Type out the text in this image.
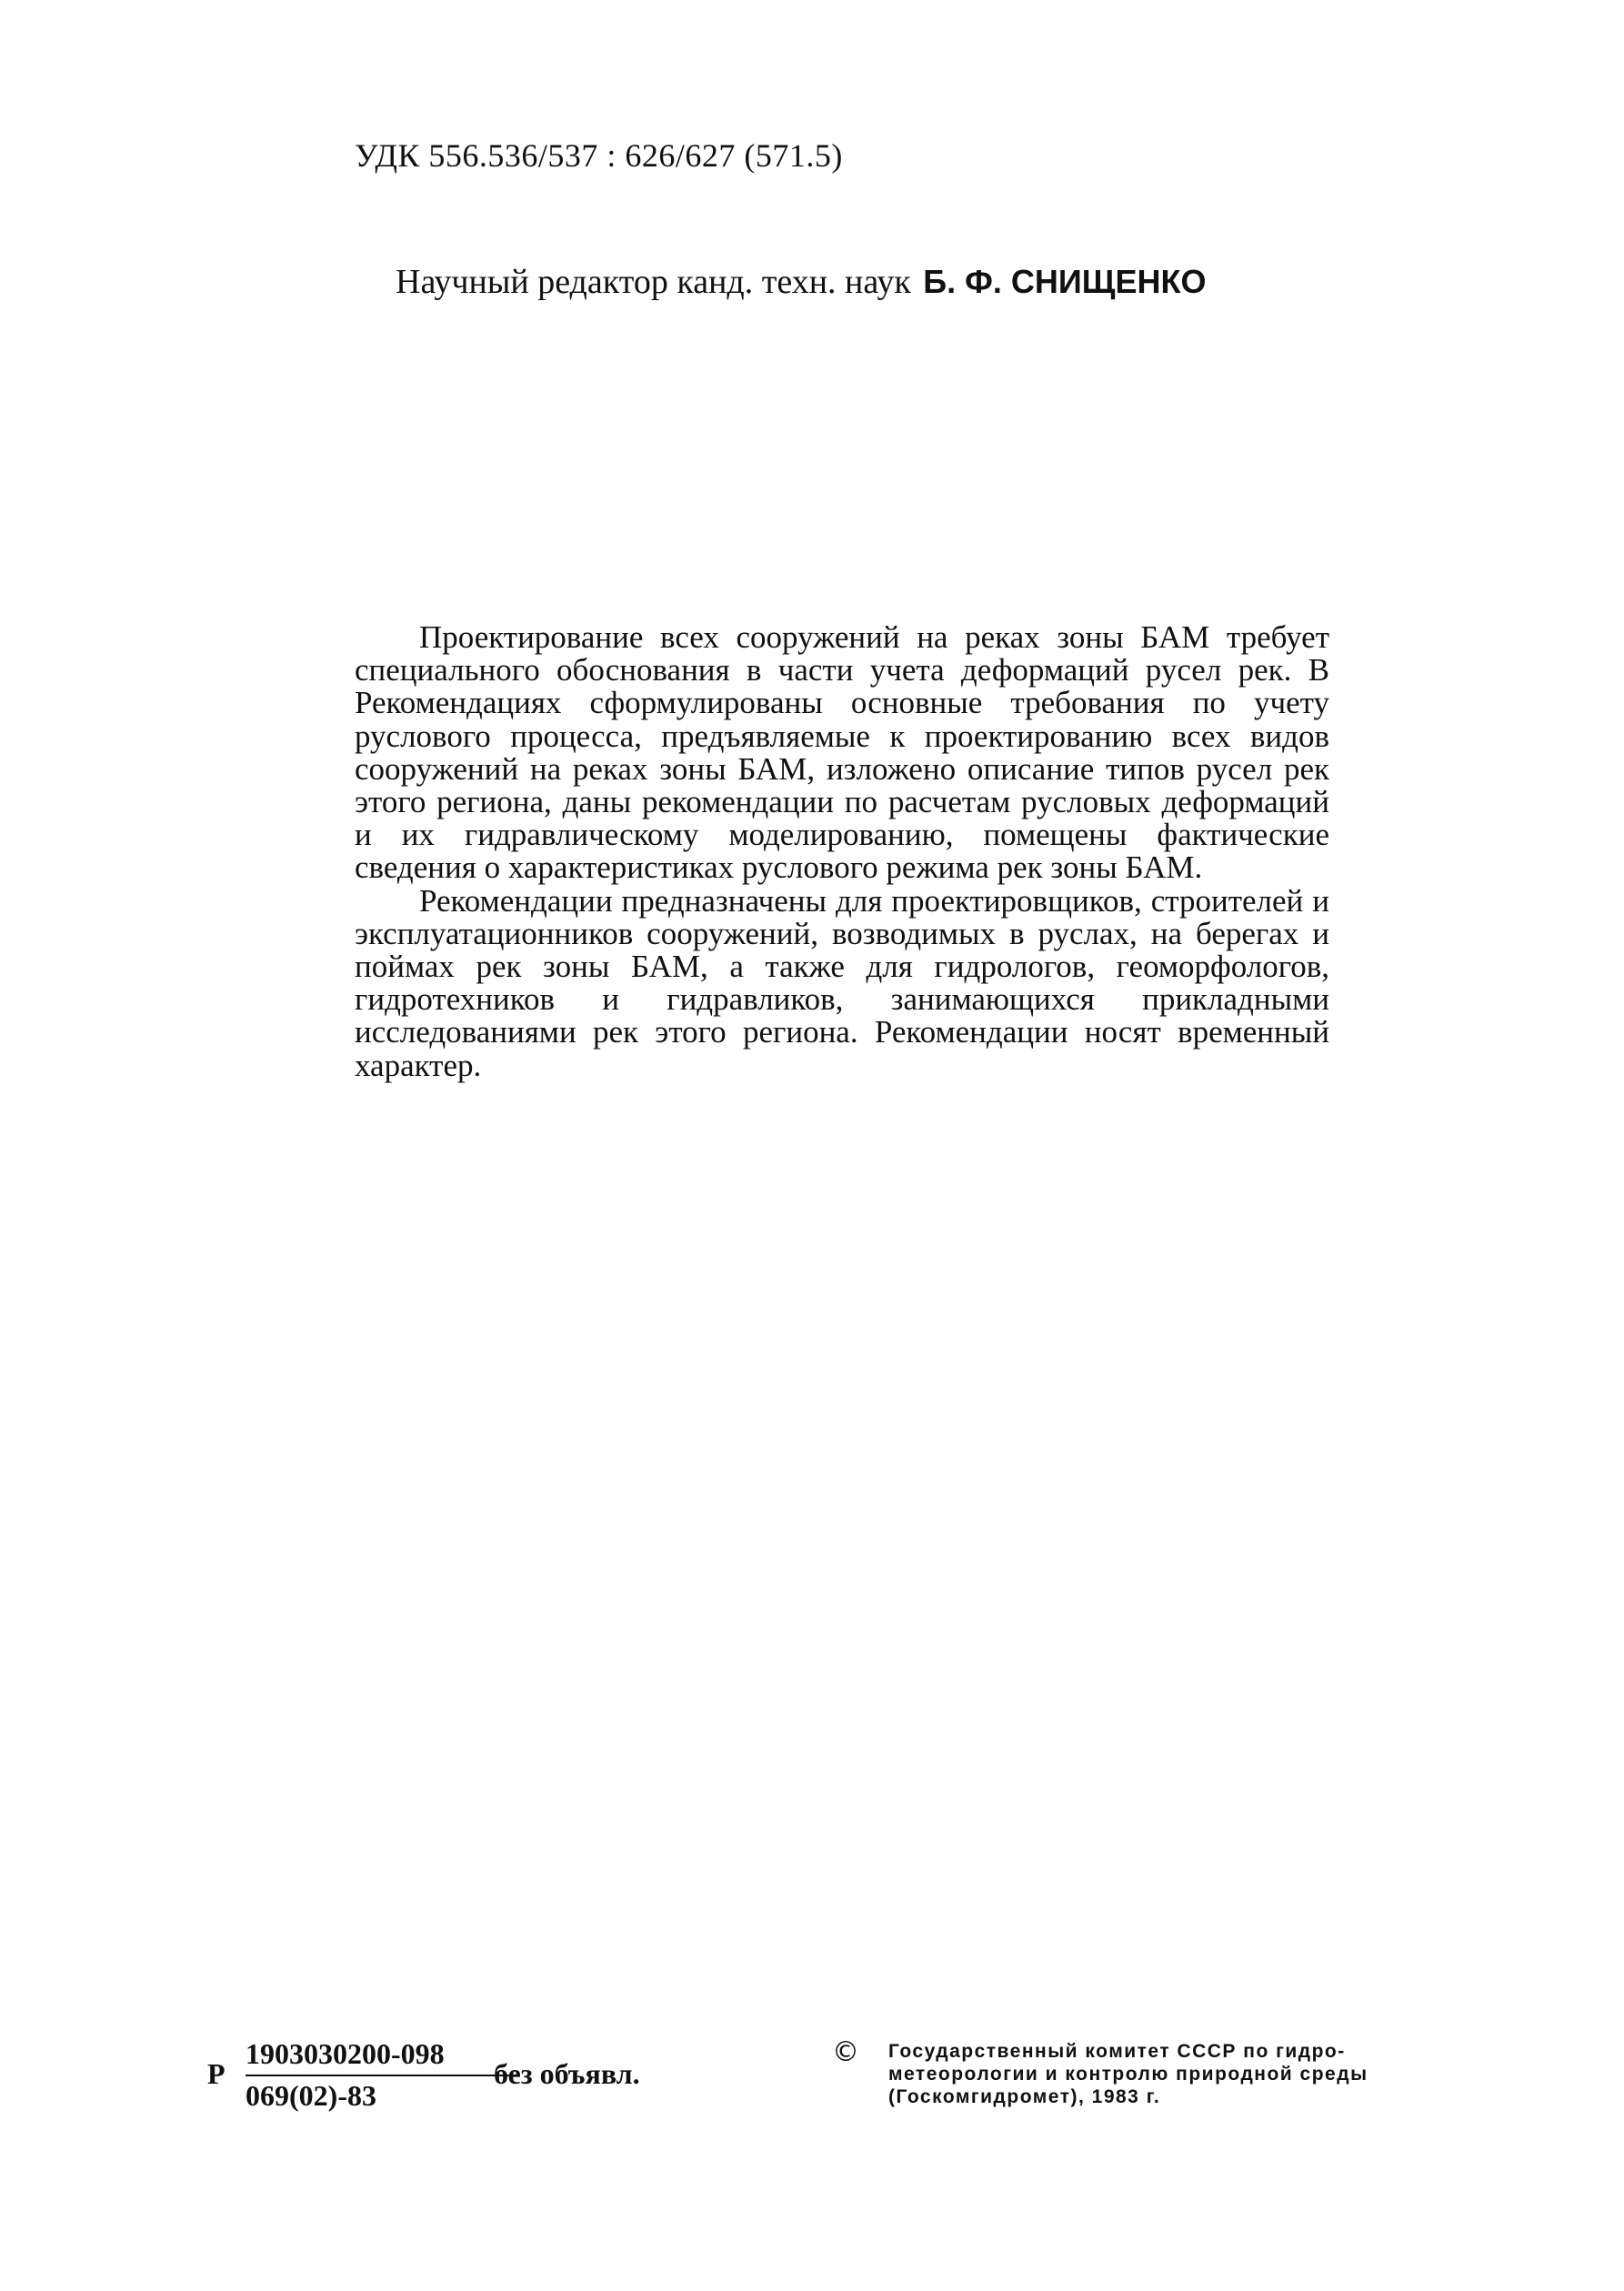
УДК 556.536/537 : 626/627 (571.5)
Научный редактор канд. техн. наук Б. Ф. СНИЩЕНКО

Проектирование всех сооружений на реках зоны БАМ требует специального обоснования в части учета деформаций русел рек. В Рекомендациях сформулированы основные требования по учету руслового процесса, предъявляемые к проектированию всех видов сооружений на реках зоны БАМ, изложено описание типов русел рек этого региона, даны рекомендации по расчетам русловых деформаций и их гидравлическому моделированию, помещены фактические сведения о характеристиках руслового режима рек зоны БАМ.

Рекомендации предназначены для проектировщиков, строителей и эксплуатационников сооружений, возводимых в руслах, на берегах и поймах рек зоны БАМ, а также для гидрологов, геоморфологов, гидротехников и гидравликов, занимающихся прикладными исследованиями рек этого региона. Рекомендации носят временный характер.

Р
1903030200-098
069(02)-83
без объявл.
© Государственный комитет СССР по гидро-
метеорологии и контролю природной среды
(Госкомгидромет), 1983 г.
